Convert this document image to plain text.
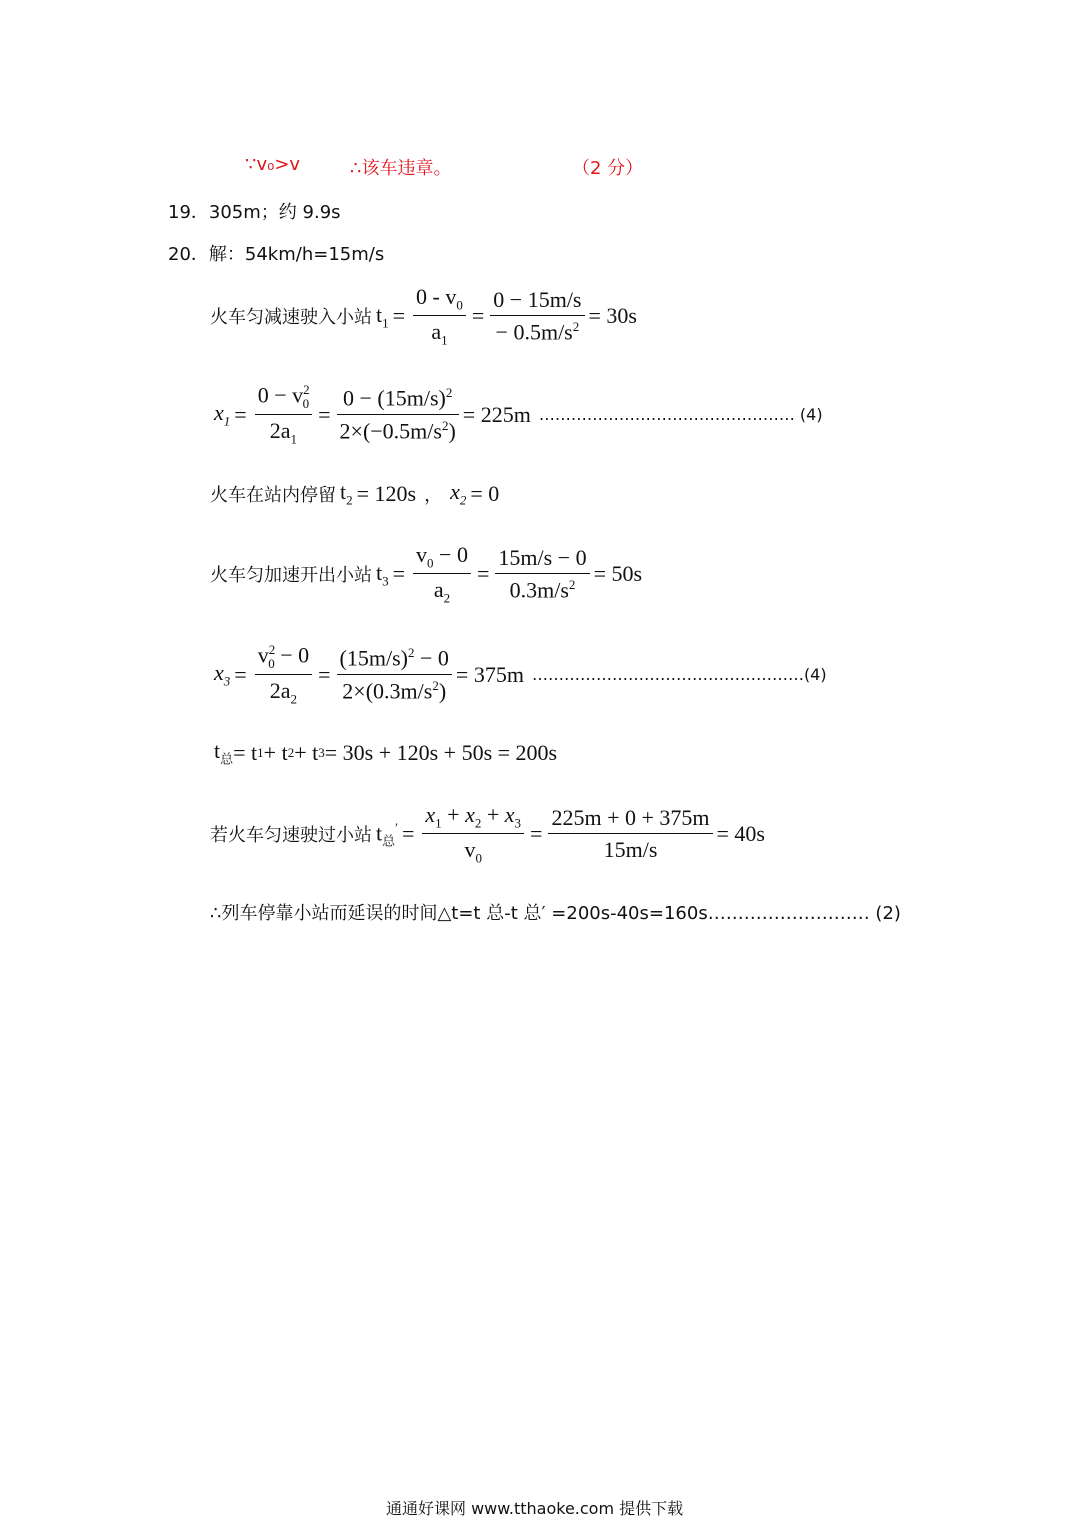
∵v₀>v	∴该车违章。	（2 分）
19．305m；约 9.9s
20．解：54km/h=15m/s
火车匀减速驶入小站 $t_1 = \frac{0 - v_0}{a_1} = \frac{0 - 15m/s}{- 0.5m/s^2} = 30s$
$x_1 = \frac{0 - v^2_0}{2a_1} = \frac{0 - (15m/s)^2}{2\times(-0.5m/s^2)} = 225m$ ………………………………………… (4)
火车在站内停留 $t_2 = 120s$ ， $x_2 = 0$
火车匀加速开出小站 $t_3 = \frac{v_0 - 0}{a_2} = \frac{15m/s - 0}{0.3m/s^2} = 50s$
$x_3 = \frac{v^2_0 - 0}{2a_2} = \frac{(15m/s)^2 - 0}{2\times(0.3m/s^2)} = 375m$ ……………………………………………(4)
$t_总 = t$ 1 + t 2 + t 3 = 30s + 120s + 50s = 200s
若火车匀速驶过小站 $t_总' = \frac{x_1 + x_2 + x_3}{v_0} = \frac{225m + 0 + 375m}{15m/s} = 40s$
∴列车停靠小站而延误的时间△t=t 总-t 总′ =200s-40s=160s……………………… (2)
通通好课网 www.tthaoke.com 提供下载
